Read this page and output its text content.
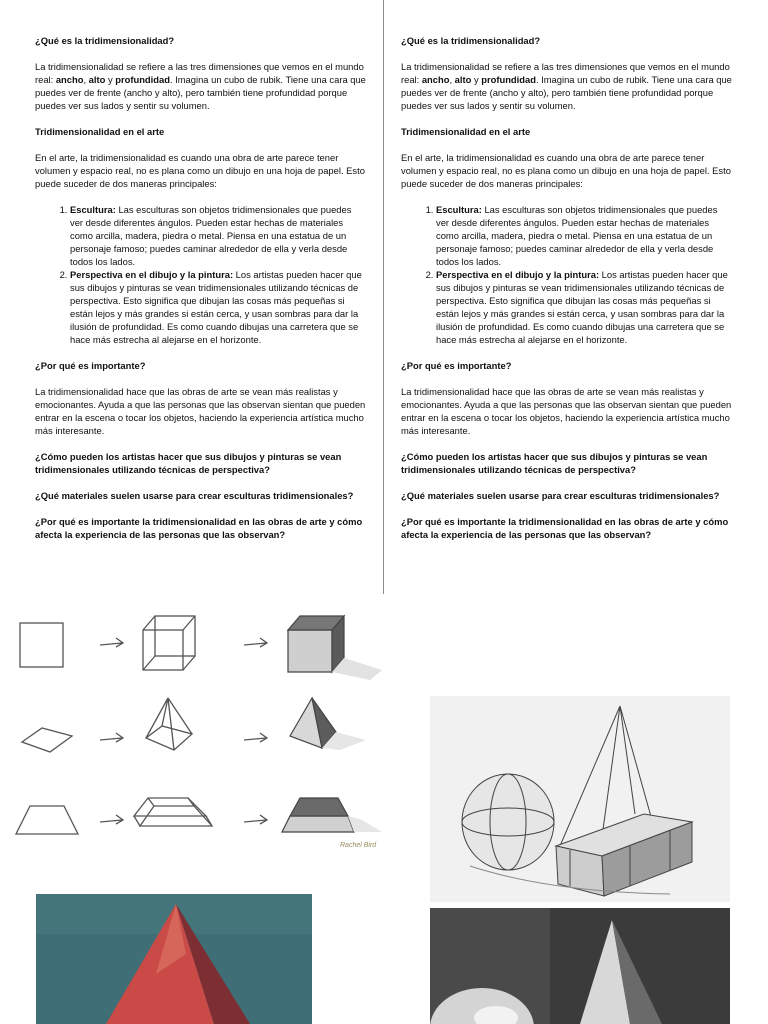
¿Qué es la tridimensionalidad?
La tridimensionalidad se refiere a las tres dimensiones que vemos en el mundo real: ancho, alto y profundidad. Imagina un cubo de rubik. Tiene una cara que puedes ver de frente (ancho y alto), pero también tiene profundidad porque puedes ver sus lados y sentir su volumen.
Tridimensionalidad en el arte
En el arte, la tridimensionalidad es cuando una obra de arte parece tener volumen y espacio real, no es plana como un dibujo en una hoja de papel. Esto puede suceder de dos maneras principales:
1. Escultura: Las esculturas son objetos tridimensionales que puedes ver desde diferentes ángulos. Pueden estar hechas de materiales como arcilla, madera, piedra o metal. Piensa en una estatua de un personaje famoso; puedes caminar alrededor de ella y verla desde todos los lados.
2. Perspectiva en el dibujo y la pintura: Los artistas pueden hacer que sus dibujos y pinturas se vean tridimensionales utilizando técnicas de perspectiva. Esto significa que dibujan las cosas más pequeñas si están lejos y más grandes si están cerca, y usan sombras para dar la ilusión de profundidad. Es como cuando dibujas una carretera que se hace más estrecha al alejarse en el horizonte.
¿Por qué es importante?
La tridimensionalidad hace que las obras de arte se vean más realistas y emocionantes. Ayuda a que las personas que las observan sientan que pueden entrar en la escena o tocar los objetos, haciendo la experiencia artística mucho más interesante.
¿Cómo pueden los artistas hacer que sus dibujos y pinturas se vean tridimensionales utilizando técnicas de perspectiva?
¿Qué materiales suelen usarse para crear esculturas tridimensionales?
¿Por qué es importante la tridimensionalidad en las obras de arte y cómo afecta la experiencia de las personas que las observan?
¿Qué es la tridimensionalidad?
La tridimensionalidad se refiere a las tres dimensiones que vemos en el mundo real: ancho, alto y profundidad. Imagina un cubo de rubik. Tiene una cara que puedes ver de frente (ancho y alto), pero también tiene profundidad porque puedes ver sus lados y sentir su volumen.
Tridimensionalidad en el arte
En el arte, la tridimensionalidad es cuando una obra de arte parece tener volumen y espacio real, no es plana como un dibujo en una hoja de papel. Esto puede suceder de dos maneras principales:
1. Escultura: Las esculturas son objetos tridimensionales que puedes ver desde diferentes ángulos. Pueden estar hechas de materiales como arcilla, madera, piedra o metal. Piensa en una estatua de un personaje famoso; puedes caminar alrededor de ella y verla desde todos los lados.
2. Perspectiva en el dibujo y la pintura: Los artistas pueden hacer que sus dibujos y pinturas se vean tridimensionales utilizando técnicas de perspectiva. Esto significa que dibujan las cosas más pequeñas si están lejos y más grandes si están cerca, y usan sombras para dar la ilusión de profundidad. Es como cuando dibujas una carretera que se hace más estrecha al alejarse en el horizonte.
¿Por qué es importante?
La tridimensionalidad hace que las obras de arte se vean más realistas y emocionantes. Ayuda a que las personas que las observan sientan que pueden entrar en la escena o tocar los objetos, haciendo la experiencia artística mucho más interesante.
¿Cómo pueden los artistas hacer que sus dibujos y pinturas se vean tridimensionales utilizando técnicas de perspectiva?
¿Qué materiales suelen usarse para crear esculturas tridimensionales?
¿Por qué es importante la tridimensionalidad en las obras de arte y cómo afecta la experiencia de las personas que las observan?
Rachel Bird
